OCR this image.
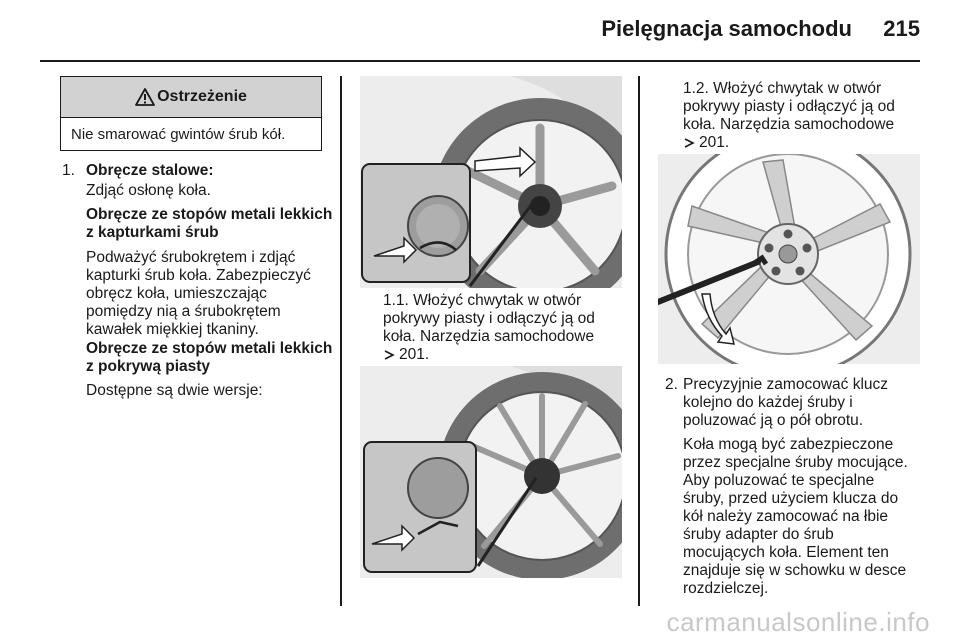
Pielęgnacja samochodu 215
Ostrzeżenie
Nie smarować gwintów śrub kół.
1. Obręcze stalowe:
Zdjąć osłonę koła.
Obręcze ze stopów metali lekkich
z kapturkami śrub
Podważyć śrubokrętem i zdjąć
kapturki śrub koła. Zabezpieczyć
obręcz koła, umieszczając
pomiędzy nią a śrubokrętem
kawałek miękkiej tkaniny.
Obręcze ze stopów metali lekkich
z pokrywą piasty
Dostępne są dwie wersje:
1.1. Włożyć chwytak w otwór
pokrywy piasty i odłączyć ją od
koła. Narzędzia samochodowe
201.
1.2. Włożyć chwytak w otwór
pokrywy piasty i odłączyć ją od
koła. Narzędzia samochodowe
201.
2. Precyzyjnie zamocować klucz
kolejno do każdej śruby i
poluzować ją o pół obrotu.
Koła mogą być zabezpieczone
przez specjalne śruby mocujące.
Aby poluzować te specjalne
śruby, przed użyciem klucza do
kół należy zamocować na łbie
śruby adapter do śrub
mocujących koła. Element ten
znajduje się w schowku w desce
rozdzielczej.
carmanualsonline.info
